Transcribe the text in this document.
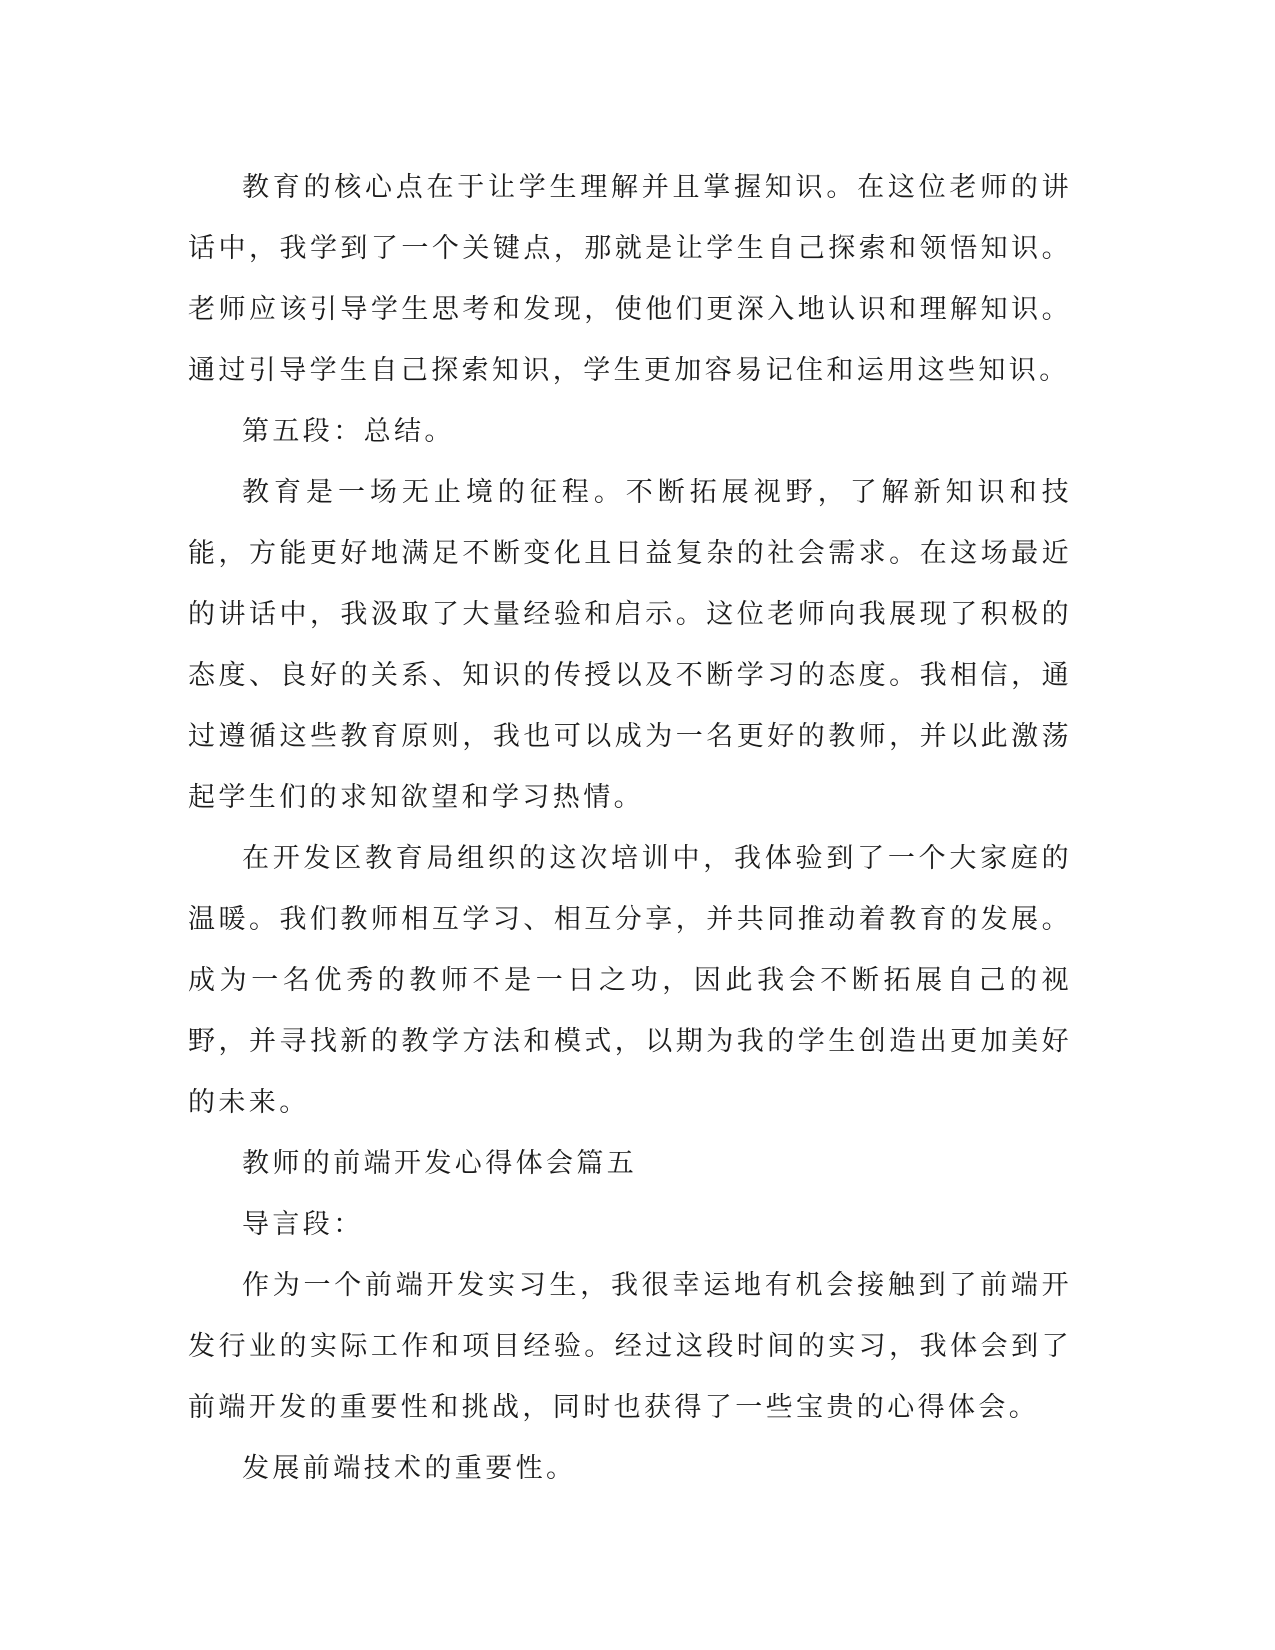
教育的核心点在于让学生理解并且掌握知识。在这位老师的讲话中，我学到了一个关键点，那就是让学生自己探索和领悟知识。老师应该引导学生思考和发现，使他们更深入地认识和理解知识。通过引导学生自己探索知识，学生更加容易记住和运用这些知识。

第五段：总结。

教育是一场无止境的征程。不断拓展视野，了解新知识和技能，方能更好地满足不断变化且日益复杂的社会需求。在这场最近的讲话中，我汲取了大量经验和启示。这位老师向我展现了积极的态度、良好的关系、知识的传授以及不断学习的态度。我相信，通过遵循这些教育原则，我也可以成为一名更好的教师，并以此激荡起学生们的求知欲望和学习热情。

在开发区教育局组织的这次培训中，我体验到了一个大家庭的温暖。我们教师相互学习、相互分享，并共同推动着教育的发展。成为一名优秀的教师不是一日之功，因此我会不断拓展自己的视野，并寻找新的教学方法和模式，以期为我的学生创造出更加美好的未来。

教师的前端开发心得体会篇五

导言段：

作为一个前端开发实习生，我很幸运地有机会接触到了前端开发行业的实际工作和项目经验。经过这段时间的实习，我体会到了前端开发的重要性和挑战，同时也获得了一些宝贵的心得体会。

发展前端技术的重要性。
